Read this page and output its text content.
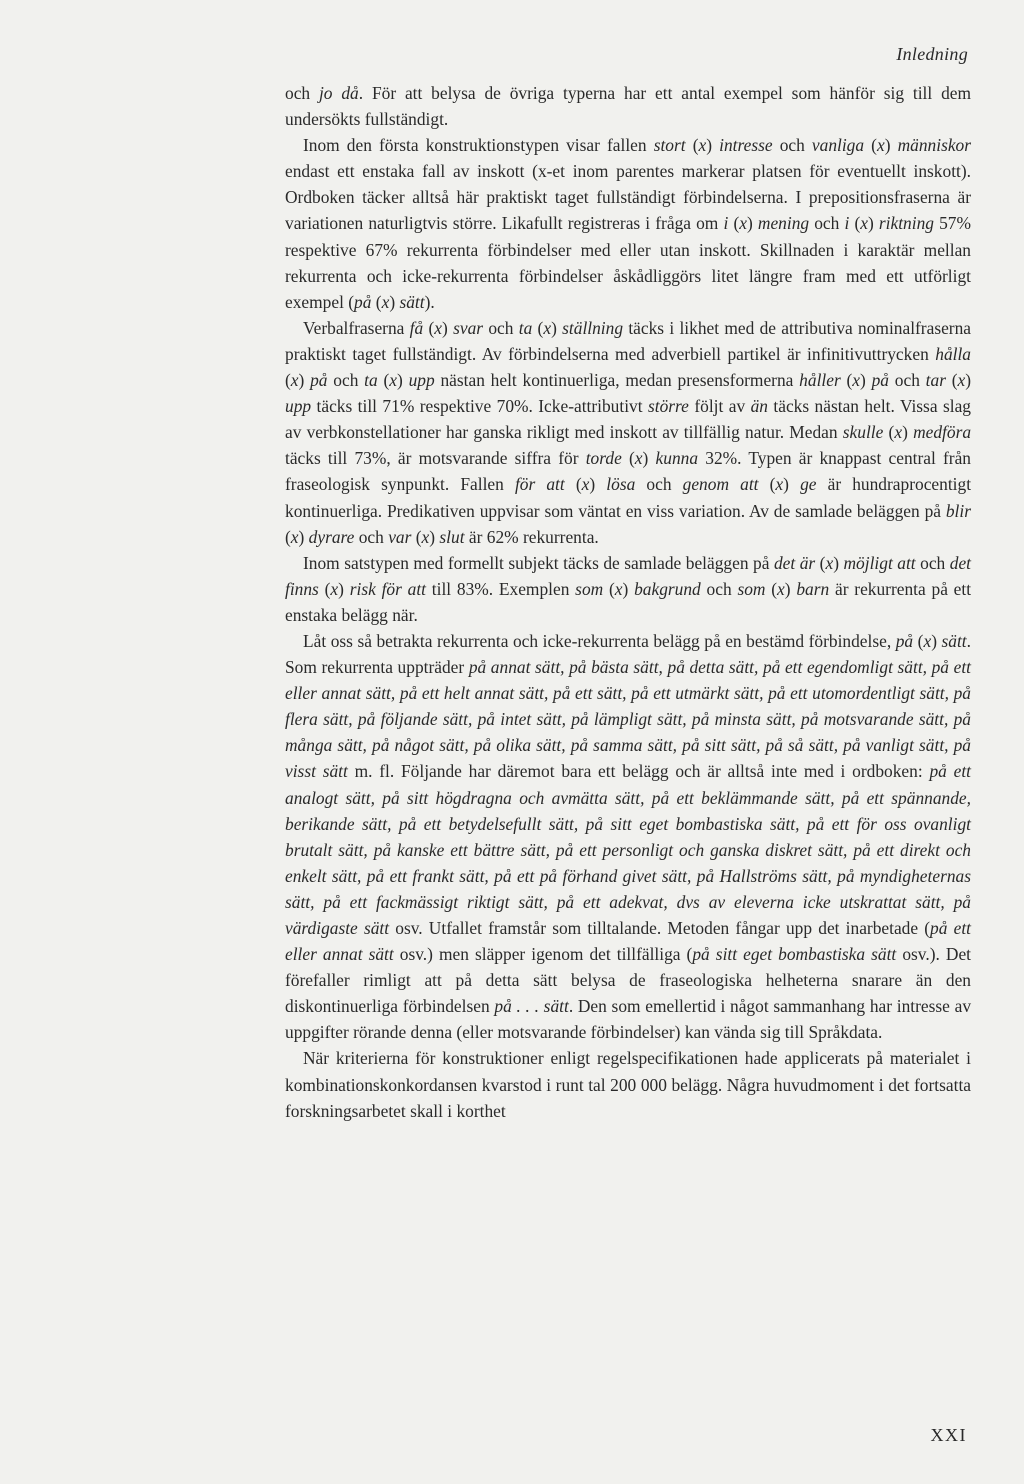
Inledning

och jo då. För att belysa de övriga typerna har ett antal exempel som hänför sig till dem undersökts fullständigt.

Inom den första konstruktionstypen visar fallen stort (x) intresse och vanliga (x) människor endast ett enstaka fall av inskott (x-et inom parentes markerar platsen för eventuellt inskott). Ordboken täcker alltså här praktiskt taget fullständigt förbindelserna. I prepositionsfraserna är variationen naturligtvis större. Likafullt registreras i fråga om i (x) mening och i (x) riktning 57% respektive 67% rekurrenta förbindelser med eller utan inskott. Skillnaden i karaktär mellan rekurrenta och icke-rekurrenta förbindelser åskådliggörs litet längre fram med ett utförligt exempel (på (x) sätt).

Verbalfraserna få (x) svar och ta (x) ställning täcks i likhet med de attributiva nominalfraserna praktiskt taget fullständigt. Av förbindelserna med adverbiell partikel är infinitivuttrycken hålla (x) på och ta (x) upp nästan helt kontinuerliga, medan presensformerna håller (x) på och tar (x) upp täcks till 71% respektive 70%. Icke-attributivt större följt av än täcks nästan helt. Vissa slag av verbkonstellationer har ganska rikligt med inskott av tillfällig natur. Medan skulle (x) medföra täcks till 73%, är motsvarande siffra för torde (x) kunna 32%. Typen är knappast central från fraseologisk synpunkt. Fallen för att (x) lösa och genom att (x) ge är hundraprocentigt kontinuerliga. Predikativen uppvisar som väntat en viss variation. Av de samlade beläggen på blir (x) dyrare och var (x) slut är 62% rekurrenta.

Inom satstypen med formellt subjekt täcks de samlade beläggen på det är (x) möjligt att och det finns (x) risk för att till 83%. Exemplen som (x) bakgrund och som (x) barn är rekurrenta på ett enstaka belägg när.

Låt oss så betrakta rekurrenta och icke-rekurrenta belägg på en bestämd förbindelse, på (x) sätt. Som rekurrenta uppträder på annat sätt, på bästa sätt, på detta sätt, på ett egendomligt sätt, på ett eller annat sätt, på ett helt annat sätt, på ett sätt, på ett utmärkt sätt, på ett utomordentligt sätt, på flera sätt, på följande sätt, på intet sätt, på lämpligt sätt, på minsta sätt, på motsvarande sätt, på många sätt, på något sätt, på olika sätt, på samma sätt, på sitt sätt, på så sätt, på vanligt sätt, på visst sätt m. fl. Följande har däremot bara ett belägg och är alltså inte med i ordboken: på ett analogt sätt, på sitt högdragna och avmätta sätt, på ett beklämmande sätt, på ett spännande, berikande sätt, på ett betydelsefullt sätt, på sitt eget bombastiska sätt, på ett för oss ovanligt brutalt sätt, på kanske ett bättre sätt, på ett personligt och ganska diskret sätt, på ett direkt och enkelt sätt, på ett frankt sätt, på ett på förhand givet sätt, på Hallströms sätt, på myndigheternas sätt, på ett fackmässigt riktigt sätt, på ett adekvat, dvs av eleverna icke utskrattat sätt, på värdigaste sätt osv. Utfallet framstår som tilltalande. Metoden fångar upp det inarbetade (på ett eller annat sätt osv.) men släpper igenom det tillfälliga (på sitt eget bombastiska sätt osv.). Det förefaller rimligt att på detta sätt belysa de fraseologiska helheterna snarare än den diskontinuerliga förbindelsen på . . . sätt. Den som emellertid i något sammanhang har intresse av uppgifter rörande denna (eller motsvarande förbindelser) kan vända sig till Språkdata.

När kriterierna för konstruktioner enligt regelspecifikationen hade applicerats på materialet i kombinationskonkordansen kvarstod i runt tal 200 000 belägg. Några huvudmoment i det fortsatta forskningsarbetet skall i korthet

XXI
